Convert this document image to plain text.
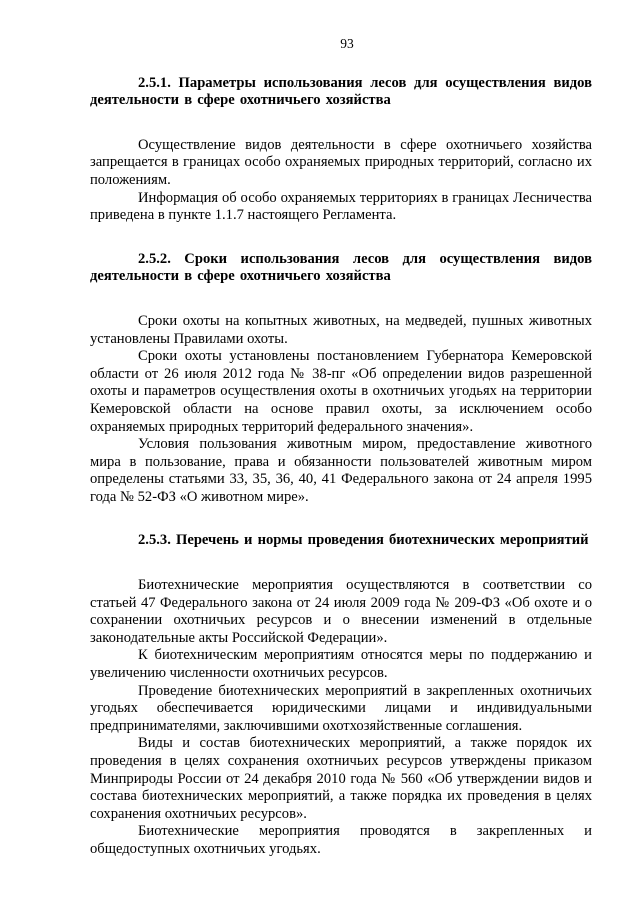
93
2.5.1. Параметры использования лесов для осуществления видов деятельности в сфере охотничьего хозяйства

Осуществление видов деятельности в сфере охотничьего хозяйства запрещается в границах особо охраняемых природных территорий, согласно их положениям.

Информация об особо охраняемых территориях в границах Лесничества приведена в пункте 1.1.7 настоящего Регламента.

2.5.2. Сроки использования лесов для осуществления видов деятельности в сфере охотничьего хозяйства

Сроки охоты на копытных животных, на медведей, пушных животных установлены Правилами охоты.

Сроки охоты установлены постановлением Губернатора Кемеровской области от 26 июля 2012 года № 38-пг «Об определении видов разрешенной охоты и параметров осуществления охоты в охотничьих угодьях на территории Кемеровской области на основе правил охоты, за исключением особо охраняемых природных территорий федерального значения».

Условия пользования животным миром, предоставление животного мира в пользование, права и обязанности пользователей животным миром определены статьями 33, 35, 36, 40, 41 Федерального закона от 24 апреля 1995 года № 52-ФЗ «О животном мире».

2.5.3. Перечень и нормы проведения биотехнических мероприятий

Биотехнические мероприятия осуществляются в соответствии со статьей 47 Федерального закона от 24 июля 2009 года № 209-ФЗ «Об охоте и о сохранении охотничьих ресурсов и о внесении изменений в отдельные законодательные акты Российской Федерации».

К биотехническим мероприятиям относятся меры по поддержанию и увеличению численности охотничьих ресурсов.

Проведение биотехнических мероприятий в закрепленных охотничьих угодьях обеспечивается юридическими лицами и индивидуальными предпринимателями, заключившими охотхозяйственные соглашения.

Виды и состав биотехнических мероприятий, а также порядок их проведения в целях сохранения охотничьих ресурсов утверждены приказом Минприроды России от 24 декабря 2010 года № 560 «Об утверждении видов и состава биотехнических мероприятий, а также порядка их проведения в целях сохранения охотничьих ресурсов».

Биотехнические мероприятия проводятся в закрепленных и общедоступных охотничьих угодьях.
